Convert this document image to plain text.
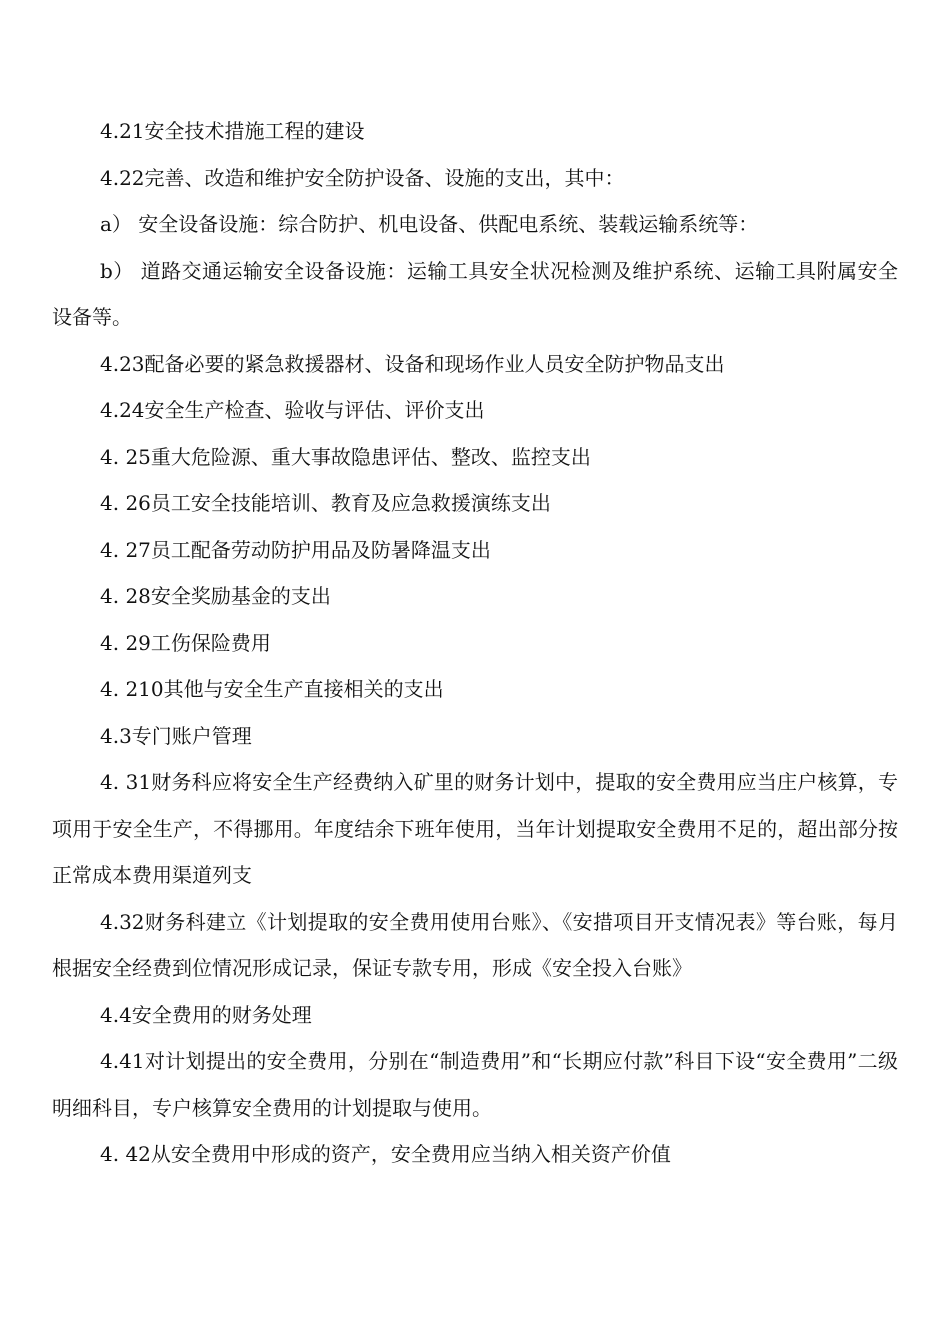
4.21安全技术措施工程的建设

4.22完善、改造和维护安全防护设备、设施的支出，其中：

a） 安全设备设施：综合防护、机电设备、供配电系统、装载运输系统等：

b） 道路交通运输安全设备设施：运输工具安全状况检测及维护系统、运输工具附属安全设备等。

4.23配备必要的紧急救援器材、设备和现场作业人员安全防护物品支出

4.24安全生产检查、验收与评估、评价支出

4. 25重大危险源、重大事故隐患评估、整改、监控支出

4. 26员工安全技能培训、教育及应急救援演练支出

4. 27员工配备劳动防护用品及防暑降温支出

4. 28安全奖励基金的支出

4. 29工伤保险费用

4. 210其他与安全生产直接相关的支出

4.3专门账户管理

4. 31财务科应将安全生产经费纳入矿里的财务计划中，提取的安全费用应当庄户核算，专项用于安全生产，不得挪用。年度结余下班年使用，当年计划提取安全费用不足的，超出部分按正常成本费用渠道列支

4.32财务科建立《计划提取的安全费用使用台账》、《安措项目开支情况表》等台账，每月根据安全经费到位情况形成记录，保证专款专用，形成《安全投入台账》

4.4安全费用的财务处理

4.41对计划提出的安全费用，分别在“制造费用”和“长期应付款”科目下设“安全费用”二级明细科目，专户核算安全费用的计划提取与使用。

4. 42从安全费用中形成的资产，安全费用应当纳入相关资产价值
